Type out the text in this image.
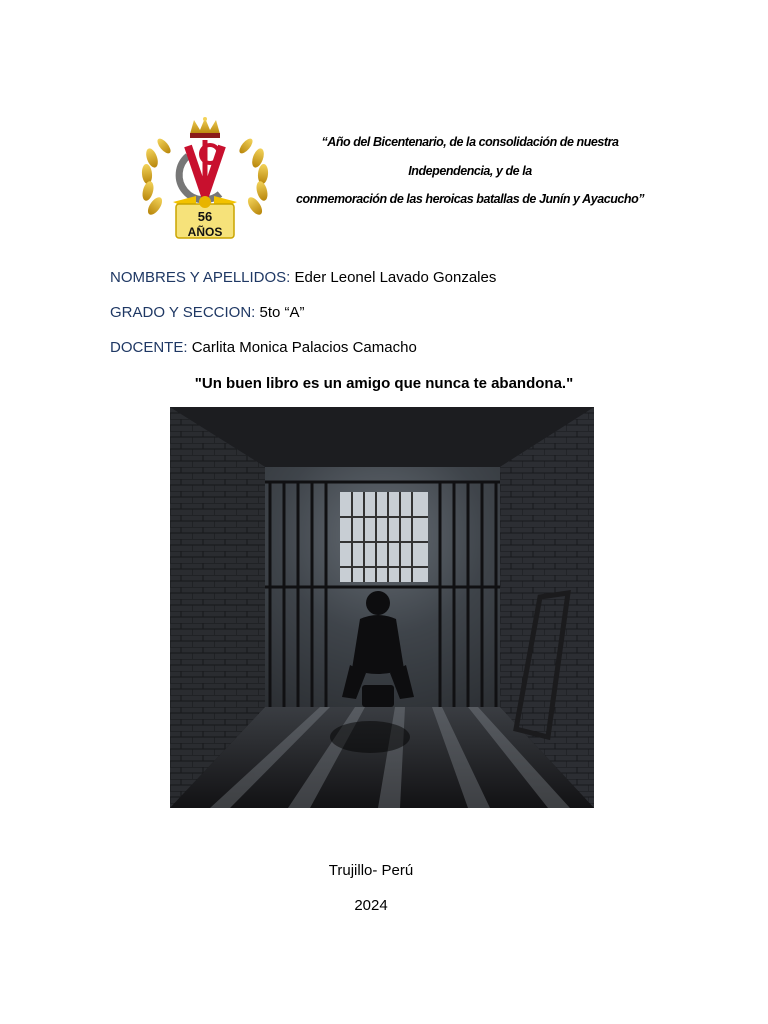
56
AÑOS
“Año del Bicentenario, de la consolidación de nuestra
Independencia, y de la
conmemoración de las heroicas batallas de Junín y Ayacucho”
NOMBRES Y APELLIDOS: Eder Leonel Lavado Gonzales
GRADO Y SECCION: 5to “A”
DOCENTE: Carlita Monica Palacios Camacho
"Un buen libro es un amigo que nunca te abandona."
Trujillo- Perú
2024
